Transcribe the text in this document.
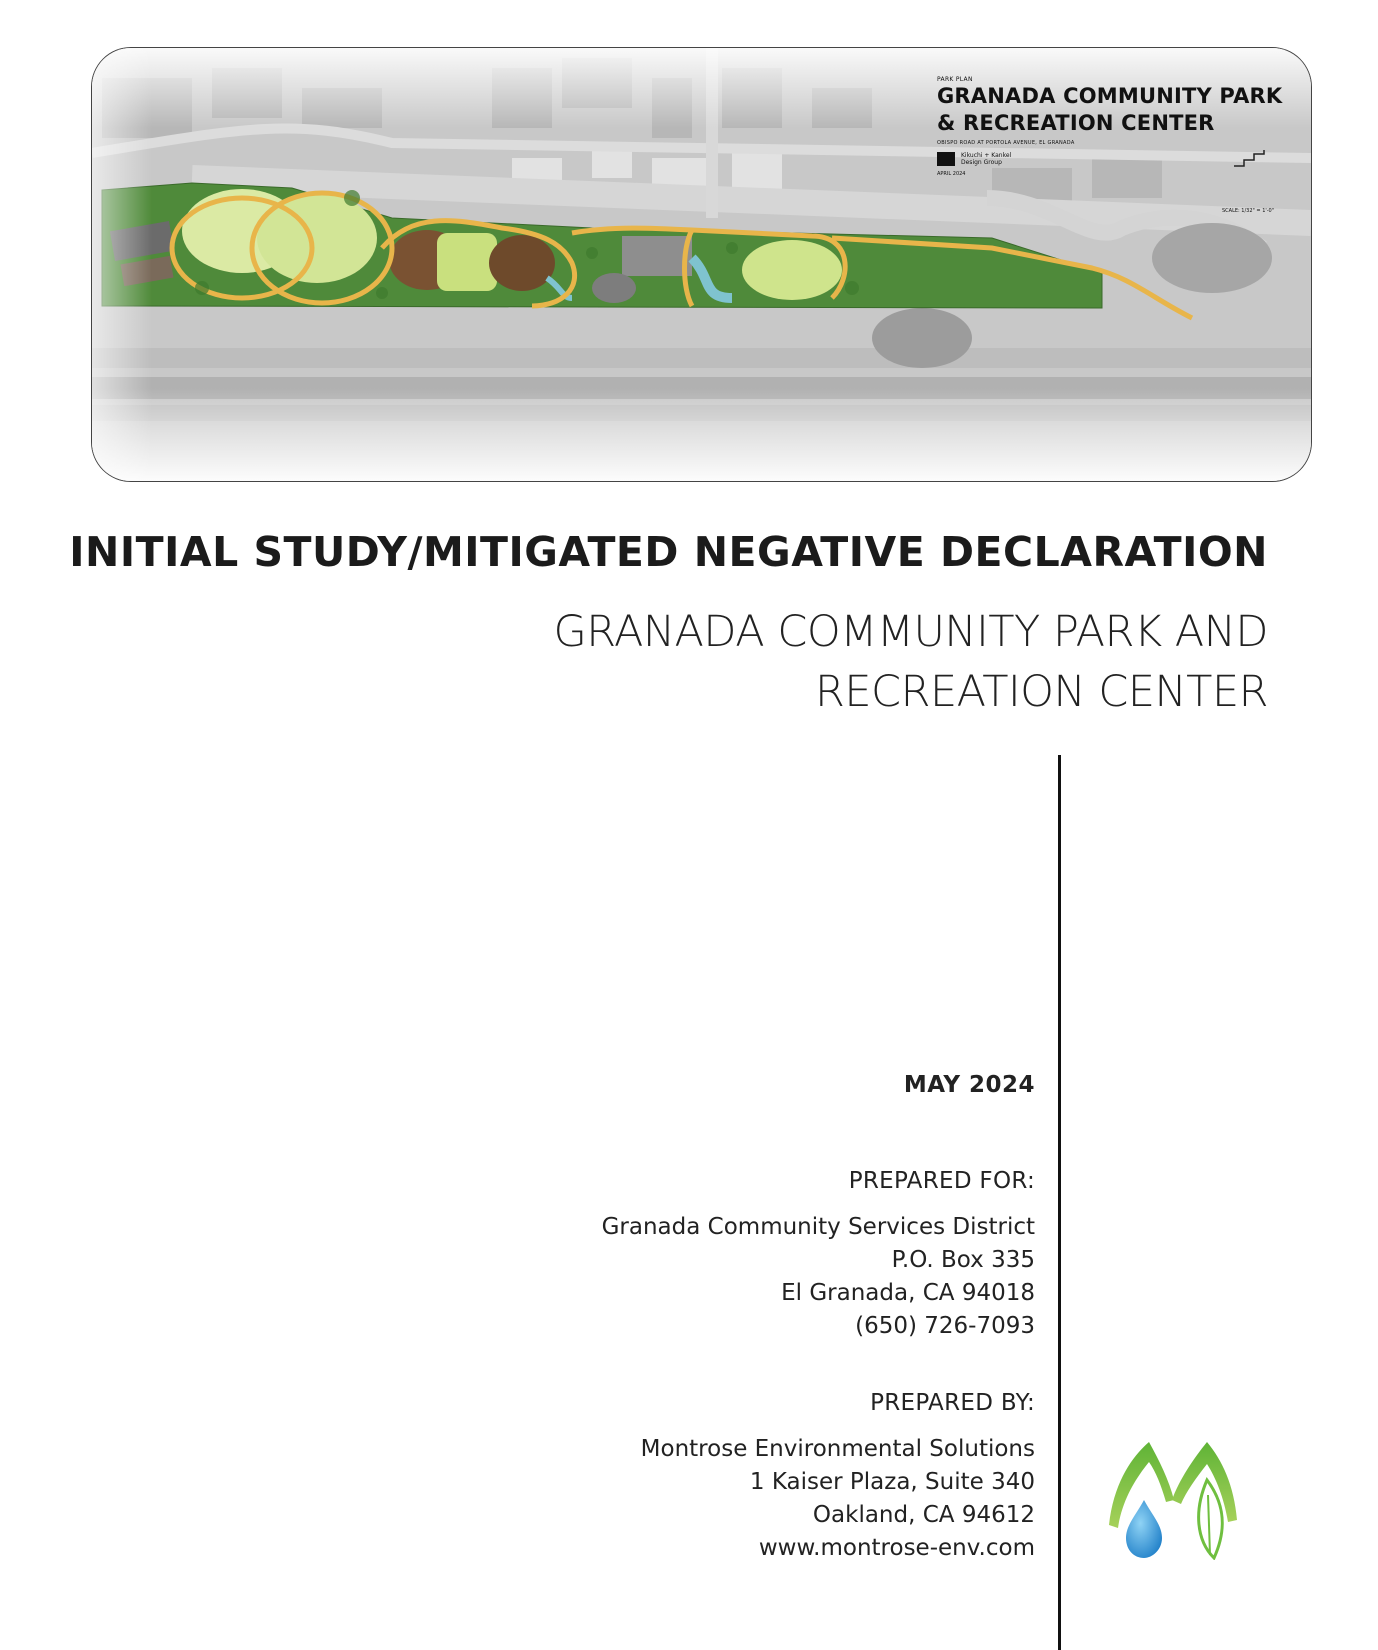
PARK PLAN
GRANADA COMMUNITY PARK
& RECREATION CENTER
OBISPO ROAD AT PORTOLA AVENUE, EL GRANADA
Kikuchi + Kankel
Design Group
APRIL 2024
SCALE: 1/32" = 1'-0"
INITIAL STUDY/MITIGATED NEGATIVE DECLARATION
GRANADA COMMUNITY PARK AND
RECREATION CENTER
MAY 2024
PREPARED FOR:
Granada Community Services District
P.O. Box 335
El Granada, CA 94018
(650) 726-7093
PREPARED BY:
Montrose Environmental Solutions
1 Kaiser Plaza, Suite 340
Oakland, CA 94612
www.montrose-env.com
